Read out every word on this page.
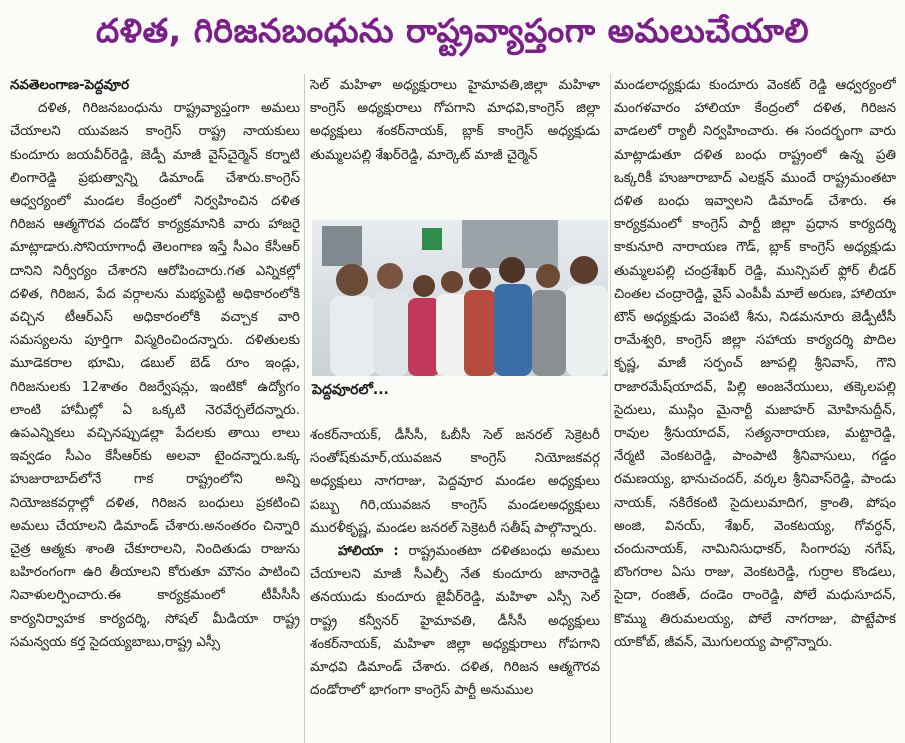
దళిత, గిరిజనబంధును రాష్ట్రవ్యాప్తంగా అమలుచేయాలి

నవతెలంగాణ-పెద్దవూర

దళిత, గిరిజనబంధును రాష్ట్రవ్యాప్తంగా అమలు చేయాలని యువజన కాంగ్రెస్ రాష్ట్ర నాయకులు కుందూరు జయవీర్‌రెడ్డి, జెడ్పీ మాజీ వైస్‌చైర్మెన్ కర్నాటి లింగారెడ్డి ప్రభుత్వాన్ని డిమాండ్ చేశారు.కాంగ్రెస్ ఆధ్వర్యంలో మండల కేంద్రంలో నిర్వహించిన దళిత గిరిజన ఆత్మగౌరవ దండోర కార్యక్రమానికి వారు హాజరై మాట్లాడారు.సోనియాగాంధీ తెలంగాణ ఇస్తే సీఎం కేసీఆర్ దానిని నిర్వీర్యం చేశారని ఆరోపించారు.గత ఎన్నికల్లో దళిత, గిరిజన, పేద వర్గాలను మభ్యపెట్టి అధికారంలోకి వచ్చిన టీఆర్ఎస్ అధికారంలోకి వచ్చాక వారి సమస్యలను పూర్తిగా విస్మరించిందన్నారు. దళితులకు మూడెకరాల భూమి, డబుల్ బెడ్ రూం ఇండ్లు, గిరిజనులకు 12శాతం రిజర్వేషన్లు, ఇంటికో ఉద్యోగం లాంటి హామీల్లో ఏ ఒక్కటి నెరవేర్చలేదన్నారు. ఉపఎన్నికలు వచ్చినప్పుడల్లా పేదలకు తాయి లాలు ఇవ్వడం సీఎం కేసీఆర్‌కు అలవా టైందన్నారు.ఒక్క హుజురాబాద్‌లోనే గాక రాష్ట్రంలోని అన్ని నియోజకవర్గాల్లో దళిత, గిరిజన బంధులు ప్రకటించి అమలు చేయాలని డిమాండ్ చేశారు.అనంతరం చిన్నారి చైత్ర ఆత్మకు శాంతి చేకూరాలని, నిందితుడు రాజును బహిరంగంగా ఉరి తీయాలని కోరుతూ మౌనం పాటించి నివాళులర్పించారు.ఈ కార్యక్రమంలో టీపీసీసీ కార్యనిర్వాహక కార్యదర్శి, సోషల్ మీడియా రాష్ట్ర సమన్వయ కర్త సైదయ్యబాబు,రాష్ట్ర ఎస్సీ

సెల్ మహిళా అధ్యక్షురాలు హైమావతి,జిల్లా మహిళా కాంగ్రెస్ అధ్యక్షురాలు గోపగాని మాధవి,కాంగ్రెస్ జిల్లా అధ్యక్షులు శంకర్‌నాయక్, బ్లాక్ కాంగ్రెస్ అధ్యక్షుడు తుమ్మలపల్లి శేఖర్‌రెడ్డి, మార్కెట్ మాజీ చైర్మెన్

పెద్దవూరలో...

శంకర్‌నాయక్, డీసీసీ, ఓబీసీ సెల్ జనరల్ సెక్రెటరీ సంతోష్‌కుమార్,యువజన కాంగ్రెస్ నియోజకవర్గ అధ్యక్షులు నాగరాజు, పెద్దవూర మండల అధ్యక్షులు పబ్బు గిరి,యువజన కాంగ్రెస్ మండలఅధ్యక్షులు మురళీకృష్ణ, మండల జనరల్ సెక్రెటరీ సతీష్ పాల్గొన్నారు.

హాలియా : రాష్ట్రమంతటా దళితబంధు అమలు చేయాలని మాజీ సీఎల్పీ నేత కుందూరు జానారెడ్డి తనయుడు కుందూరు జైవీర్‌రెడ్డి, మహిళా ఎస్సీ సెల్ రాష్ట్ర కన్వీనర్ హైమావతి, డీసీసీ అధ్యక్షులు శంకర్‌నాయక్, మహిళా జిల్లా అధ్యక్షురాలు గోపగాని మాధవి డిమాండ్ చేశారు. దళిత, గిరిజన ఆత్మగౌరవ దండోరాలో భాగంగా కాంగ్రెస్ పార్టీ అనుముల

మండలాధ్యక్షుడు కుందూరు వెంకట్ రెడ్డి ఆధ్వర్యంలో మంగళవారం హాలియా కేంద్రంలో దళిత, గిరిజన వాడలలో ర్యాలీ నిర్వహించారు. ఈ సందర్భంగా వారు మాట్లాడుతూ దళిత బంధు రాష్ట్రంలో ఉన్న ప్రతి ఒక్కరికీ హుజూరాబాద్ ఎలక్షన్ ముందే రాష్ట్రమంతటా దళిత బంధు ఇవ్వాలని డిమాండ్ చేశారు. ఈ కార్యక్రమంలో కాంగ్రెస్ పార్టీ జిల్లా ప్రధాన కార్యదర్శి కాకునూరి నారాయణ గౌడ్, బ్లాక్ కాంగ్రెస్ అధ్యక్షుడు తుమ్మలపల్లి చంద్రశేఖర్ రెడ్డి, మున్సిపల్ ఫ్లోర్ లీడర్ చింతల చంద్రారెడ్డి, వైస్ ఎంపీపీ మాలే అరుణ, హాలియా టౌన్ అధ్యక్షుడు వెంపటి శీను, నిడమనూరు జెడ్పీటీసీ రామేశ్వరి, కాంగ్రెస్ జిల్లా సహాయ కార్యదర్శి పొదిల కృష్ణ, మాజీ సర్పంచ్ జూపల్లి శ్రీనివాస్, గౌని రాజారమేష్‌యాదవ్, పిల్లి అంజనేయులు, తక్కెలపల్లి సైదులు, ముస్లిం మైనార్టీ మజాహర్ మోహినుద్దీన్, రావుల శ్రీనుయాదవ్, సత్యనారాయణ, మట్టారెడ్డి, నేర్మటి వెంకటరెడ్డి, పాంపాటి శ్రీనివాసులు, గడ్డం రమణయ్య, భానుచందర్, వర్కల శ్రీనివాస్‌రెడ్డి, పాండు నాయక్, నకిరేకంటి సైదులుమాదిగ, క్రాంతి, పోషం అంజి, వినయ్, శేఖర్, వెంకటయ్య, గోవర్ధన్, చందునాయక్, నామినిసుధాకర్, సింగారపు నగేష్, బొంగరాల ఏసు రాజు, వెంకటరెడ్డి, గుర్రాల కొండలు, సైదా, రంజిత్, దండెం రాంరెడ్డి, పోలే మధుసూదన్, కొమ్ము తిరుమలయ్య, పోలే నాగరాజు, పొట్టేపాక యాకోబ్, జీవన్, మొగులయ్య పాల్గొన్నారు.
